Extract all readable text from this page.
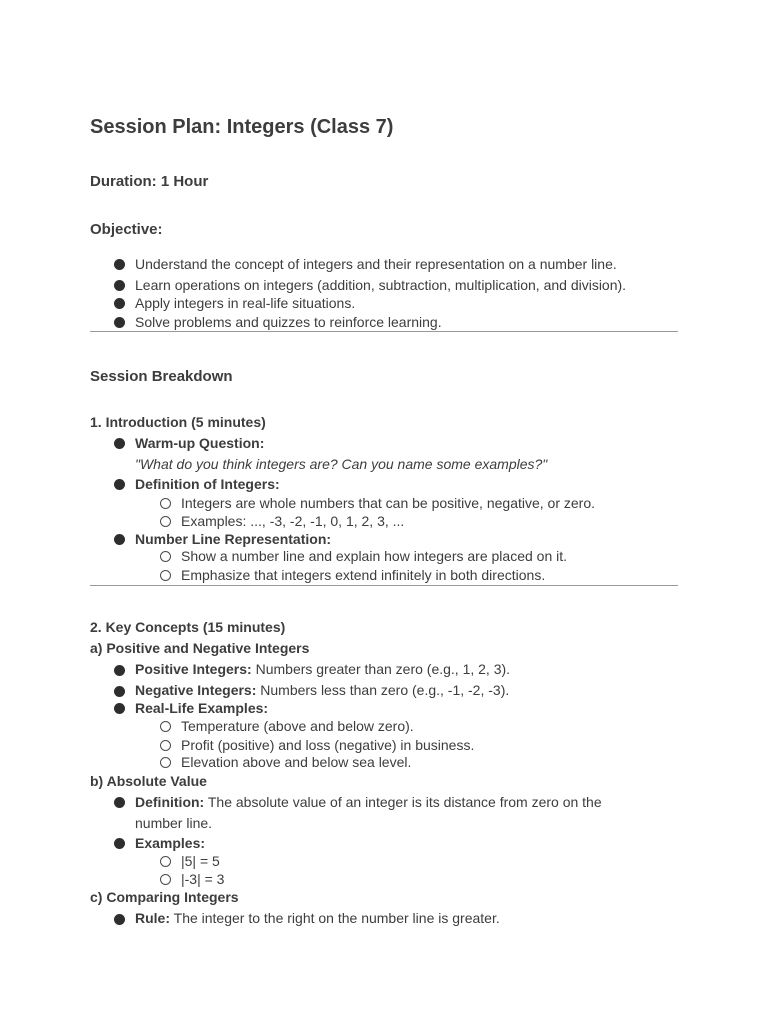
Session Plan: Integers (Class 7)
Duration: 1 Hour
Objective:
Understand the concept of integers and their representation on a number line.
Learn operations on integers (addition, subtraction, multiplication, and division).
Apply integers in real-life situations.
Solve problems and quizzes to reinforce learning.
Session Breakdown
1. Introduction (5 minutes)
Warm-up Question:
"What do you think integers are? Can you name some examples?"
Definition of Integers:
Integers are whole numbers that can be positive, negative, or zero.
Examples: ..., -3, -2, -1, 0, 1, 2, 3, ...
Number Line Representation:
Show a number line and explain how integers are placed on it.
Emphasize that integers extend infinitely in both directions.
2. Key Concepts (15 minutes)
a) Positive and Negative Integers
Positive Integers: Numbers greater than zero (e.g., 1, 2, 3).
Negative Integers: Numbers less than zero (e.g., -1, -2, -3).
Real-Life Examples:
Temperature (above and below zero).
Profit (positive) and loss (negative) in business.
Elevation above and below sea level.
b) Absolute Value
Definition: The absolute value of an integer is its distance from zero on the
number line.
Examples:
|5| = 5
|-3| = 3
c) Comparing Integers
Rule: The integer to the right on the number line is greater.
